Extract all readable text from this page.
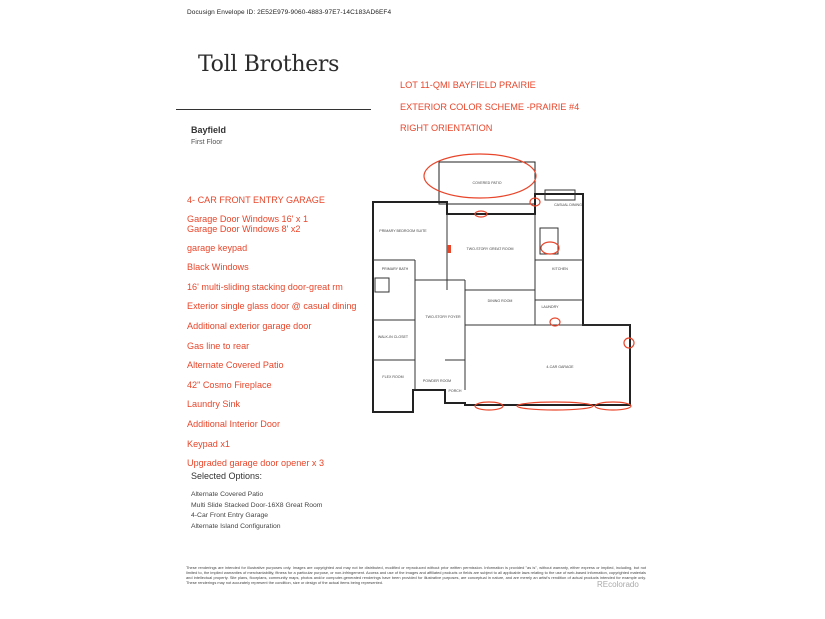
Docusign Envelope ID: 2E52E979-9060-4883-97E7-14C183AD6EF4
Toll Brothers
LOT 11-QMI BAYFIELD PRAIRIE
EXTERIOR COLOR SCHEME -PRAIRIE #4
RIGHT ORIENTATION
Bayfield
First Floor
4- CAR FRONT ENTRY GARAGE
Garage Door Windows 16' x 1
Garage Door Windows 8' x2
garage keypad
Black Windows
16' multi-sliding stacking door-great rm
Exterior single glass door @ casual dining
Additional exterior garage door
Gas line to rear
Alternate Covered Patio
42" Cosmo Fireplace
Laundry Sink
Additional Interior Door
Keypad x1
Upgraded garage door opener x 3
COVERED PATIO
CASUAL DINING
PRIMARY BEDROOM SUITE
TWO-STORY GREAT ROOM
KITCHEN
PRIMARY BATH
WALK-IN CLOSET
DINING ROOM
LAUNDRY
TWO-STORY FOYER
FLEX ROOM
POWDER ROOM
PORCH
4-CAR GARAGE
Selected Options:
Alternate Covered Patio
Multi Slide Stacked Door-16X8 Great Room
4-Car Front Entry Garage
Alternate Island Configuration
These renderings are intended for illustrative purposes only. Images are copyrighted and may not be distributed, modified or reproduced without prior written permission. Information is provided "as is", without warranty, either express or implied, including, but not limited to, the implied warranties of merchantability, fitness for a particular purpose, or non-infringement. Access and use of the images and affiliated products or fields are subject to all applicable laws relating to the use of web-based information, copyrighted materials and intellectual property. Site plans, floorplans, community maps, photos and/or computer-generated renderings have been provided for illustrative purposes, are conceptual in nature, and are merely an artist's rendition of actual products intended for example only. These renderings may not accurately represent the condition, size or design of the actual items being represented.	REcolorado
